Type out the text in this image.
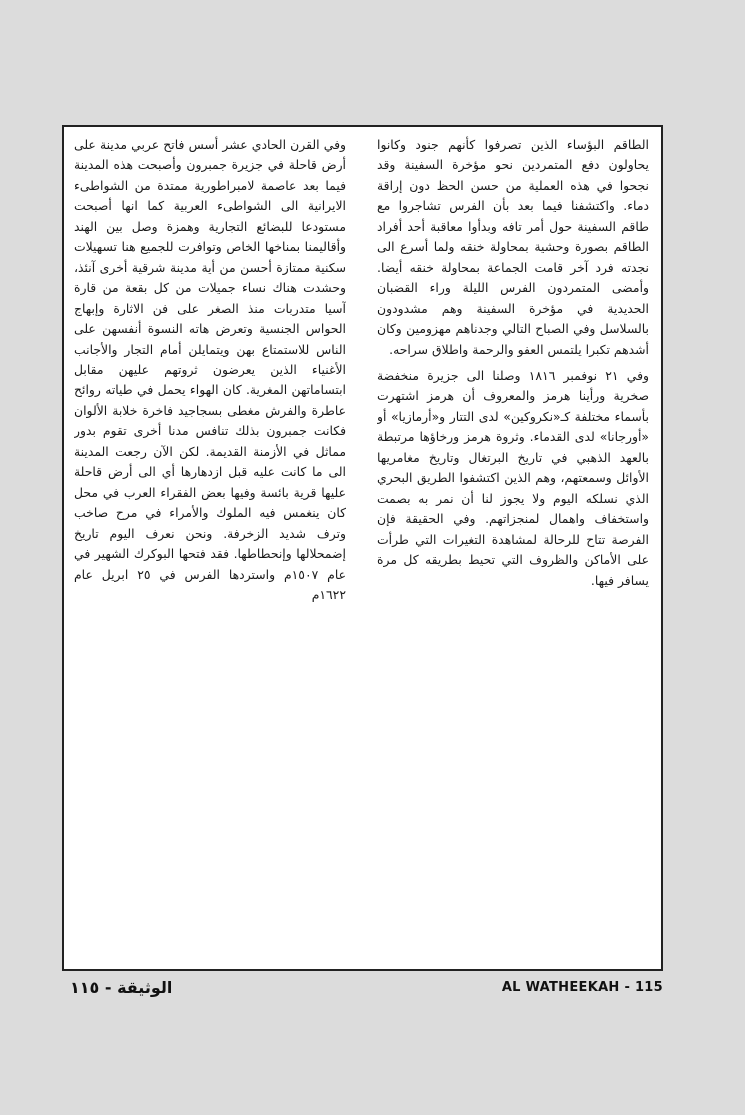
الطاقم البؤساء الذين تصرفوا كأنهم جنود وكانوا يحاولون دفع المتمردين نحو مؤخرة السفينة وقد نجحوا في هذه العملية من حسن الحظ دون إراقة دماء. واكتشفنا فيما بعد بأن الفرس تشاجروا مع طاقم السفينة حول أمر تافه وبدأوا معاقبة أحد أفراد الطاقم بصورة وحشية بمحاولة خنقه ولما أسرع الى نجدته فرد آخر قامت الجماعة بمحاولة خنقه أيضا. وأمضى المتمردون الفرس الليلة وراء القضبان الحديدية في مؤخرة السفينة وهم مشدودون بالسلاسل وفي الصباح التالي وجدناهم مهزومين وكان أشدهم تكبرا يلتمس العفو والرحمة واطلاق سراحه.

وفي ٢١ نوفمبر ١٨١٦ وصلنا الى جزيرة منخفضة صخرية ورأينا هرمز والمعروف أن هرمز اشتهرت بأسماء مختلفة كـ«نكروكين» لدى التتار و«أرمازيا» أو «أورجانا» لدى القدماء. وثروة هرمز ورخاؤها مرتبطة بالعهد الذهبي في تاريخ البرتغال وتاريخ مغامريها الأوائل وسمعتهم، وهم الذين اكتشفوا الطريق البحري الذي نسلكه اليوم ولا يجوز لنا أن نمر به بصمت واستخفاف واهمال لمنجزاتهم. وفي الحقيقة فإن الفرصة تتاح للرحالة لمشاهدة التغيرات التي طرأت على الأماكن والظروف التي تحيط بطريقه كل مرة يسافر فيها.

وفي القرن الحادي عشر أسس فاتح عربي مدينة على أرض قاحلة في جزيرة جمبرون وأصبحت هذه المدينة فيما بعد عاصمة لامبراطورية ممتدة من الشواطىء الايرانية الى الشواطىء العربية كما انها أصبحت مستودعا للبضائع التجارية وهمزة وصل بين الهند وأقاليمنا بمناخها الخاص وتوافرت للجميع هنا تسهيلات سكنية ممتازة أحسن من أية مدينة شرقية أخرى آنئذ، وحشدت هناك نساء جميلات من كل بقعة من قارة آسيا متدربات منذ الصغر على فن الاثارة وإبهاج الحواس الجنسية وتعرض هاته النسوة أنفسهن على الناس للاستمتاع بهن ويتمايلن أمام التجار والأجانب الأغنياء الذين يعرضون ثروتهم عليهن مقابل ابتساماتهن المغرية. كان الهواء يحمل في طياته روائح عاطرة والفرش مغطى بسجاجيد فاخرة خلابة الألوان فكانت جمبرون بذلك تنافس مدنا أخرى تقوم بدور مماثل في الأزمنة القديمة. لكن الآن رجعت المدينة الى ما كانت عليه قبل ازدهارها أي الى أرض قاحلة عليها قرية بائسة وفيها بعض الفقراء العرب في محل كان ينغمس فيه الملوك والأمراء في مرح صاخب وترف شديد الزخرفة. ونحن نعرف اليوم تاريخ إضمحلالها وإنحطاطها. فقد فتحها البوكرك الشهير في عام ١٥٠٧م واستردها الفرس في ٢٥ ابريل عام ١٦٢٢م

الوثيقة - ١١٥	AL WATHEEKAH - 115
